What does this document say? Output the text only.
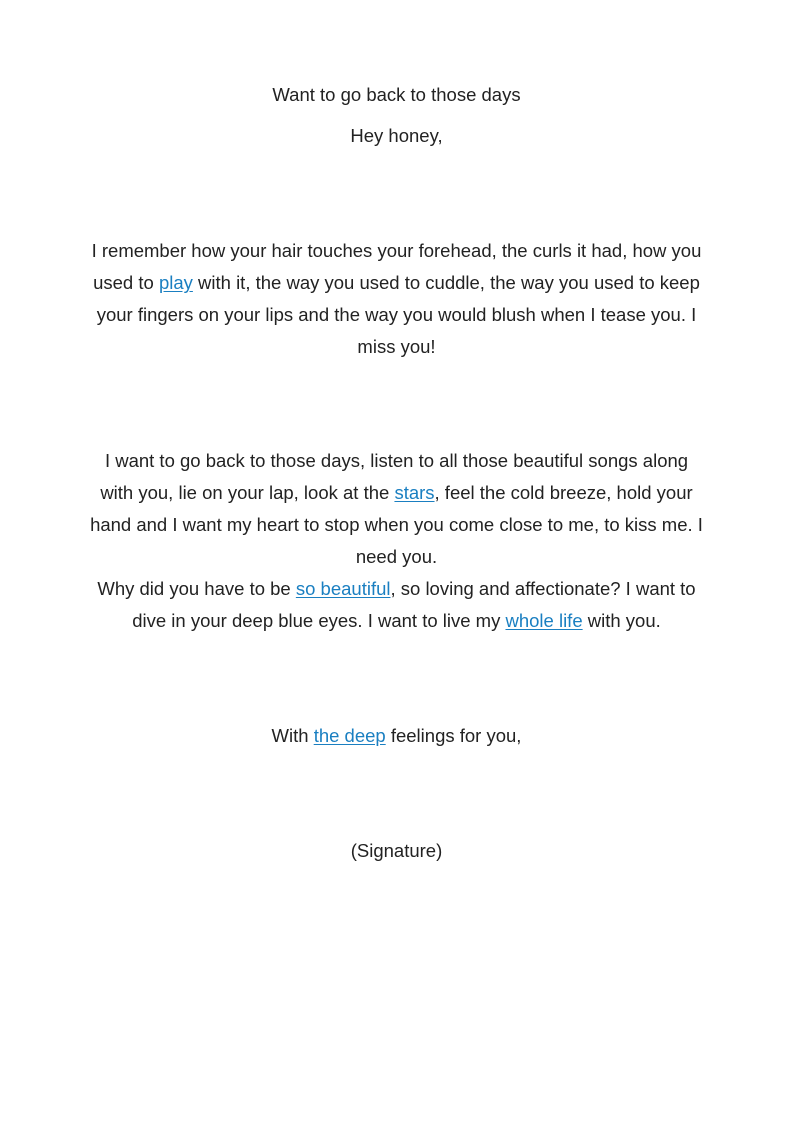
Want to go back to those days
Hey honey,
I remember how your hair touches your forehead, the curls it had, how you
used to play with it, the way you used to cuddle, the way you used to keep
your fingers on your lips and the way you would blush when I tease you. I
miss you!
I want to go back to those days, listen to all those beautiful songs along
with you, lie on your lap, look at the stars, feel the cold breeze, hold your
hand and I want my heart to stop when you come close to me, to kiss me. I
need you.
Why did you have to be so beautiful, so loving and affectionate? I want to
dive in your deep blue eyes. I want to live my whole life with you.
With the deep feelings for you,
(Signature)
